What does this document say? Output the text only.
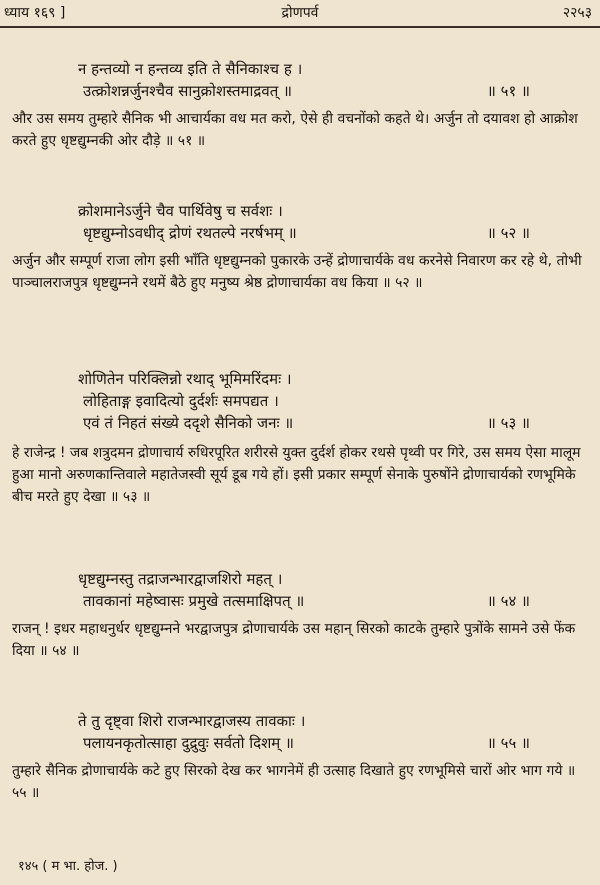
ध्याय १६९ ]	द्रोणपर्व	२२५३
न हन्तव्यो न हन्तव्य इति ते सैनिकाश्च ह ।
उत्क्रोशन्नर्जुनश्चैव सानुक्रोशस्तमाद्रवत् ॥	॥ ५१ ॥
और उस समय तुम्हारे सैनिक भी आचार्यका वध मत करो, ऐसे ही वचनोंको कहते थे। अर्जुन तो दयावश हो आक्रोश करते हुए धृष्टद्युम्नकी ओर दौड़े ॥ ५१ ॥
क्रोशमानेऽर्जुने चैव पार्थिवेषु च सर्वशः ।
धृष्टद्युम्नोऽवधीद् द्रोणं रथतल्पे नरर्षभम् ॥	॥ ५२ ॥
अर्जुन और सम्पूर्ण राजा लोग इसी भाँति धृष्टद्युम्नको पुकारके उन्हें द्रोणाचार्यके वध करनेसे निवारण कर रहे थे, तोभी पाञ्चालराजपुत्र धृष्टद्युम्नने रथमें बैठे हुए मनुष्य श्रेष्ठ द्रोणाचार्यका वध किया ॥ ५२ ॥
शोणितेन परिक्लिन्नो रथाद् भूमिमरिंदमः ।
लोहिताङ्ग इवादित्यो दुर्दर्शः समपद्यत ।
एवं तं निहतं संख्ये ददृशे सैनिको जनः ॥	॥ ५३ ॥
हे राजेन्द्र ! जब शत्रुदमन द्रोणाचार्य रुधिरपूरित शरीरसे युक्त दुर्दर्श होकर रथसे पृथ्वी पर गिरे, उस समय ऐसा मालूम हुआ मानो अरुणकान्तिवाले महातेजस्वी सूर्य डूब गये हों। इसी प्रकार सम्पूर्ण सेनाके पुरुषोंने द्रोणाचार्यको रणभूमिके बीच मरते हुए देखा ॥ ५३ ॥
धृष्टद्युम्नस्तु तद्राजन्भारद्वाजशिरो महत् ।
तावकानां महेष्वासः प्रमुखे तत्समाक्षिपत् ॥	॥ ५४ ॥
राजन् ! इधर महाधनुर्धर धृष्टद्युम्नने भरद्वाजपुत्र द्रोणाचार्यके उस महान् सिरको काटके तुम्हारे पुत्रोंके सामने उसे फेंक दिया ॥ ५४ ॥
ते तु दृष्ट्वा शिरो राजन्भारद्वाजस्य तावकाः ।
पलायनकृतोत्साहा दुद्रुवुः सर्वतो दिशम् ॥	॥ ५५ ॥
तुम्हारे सैनिक द्रोणाचार्यके कटे हुए सिरको देख कर भागनेमें ही उत्साह दिखाते हुए रणभूमिसे चारों ओर भाग गये ॥ ५५ ॥
१४५ ( म भा. होज. )
